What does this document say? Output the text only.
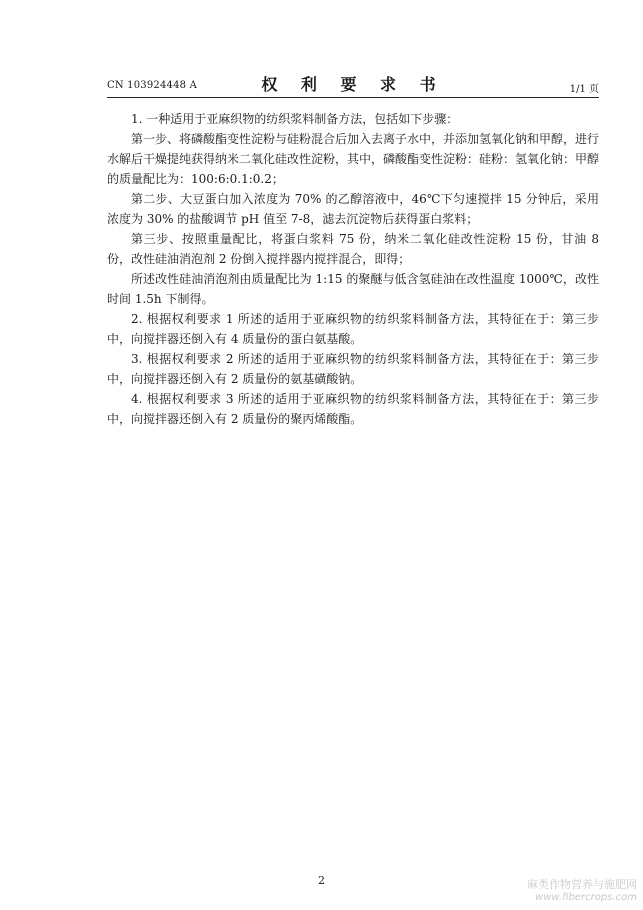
CN 103924448 A	权 利 要 求 书	1/1 页

1. 一种适用于亚麻织物的纺织浆料制备方法，包括如下步骤：

第一步、将磷酸酯变性淀粉与硅粉混合后加入去离子水中，并添加氢氧化钠和甲醇，进行水解后干燥提纯获得纳米二氧化硅改性淀粉，其中，磷酸酯变性淀粉：硅粉：氢氧化钠：甲醇的质量配比为：100:6:0.1:0.2；

第二步、大豆蛋白加入浓度为 70% 的乙醇溶液中，46℃下匀速搅拌 15 分钟后，采用浓度为 30% 的盐酸调节 pH 值至 7-8，滤去沉淀物后获得蛋白浆料；

第三步、按照重量配比，将蛋白浆料 75 份，纳米二氧化硅改性淀粉 15 份，甘油 8 份，改性硅油消泡剂 2 份倒入搅拌器内搅拌混合，即得；

所述改性硅油消泡剂由质量配比为 1:15 的聚醚与低含氢硅油在改性温度 1000℃，改性时间 1.5h 下制得。

2. 根据权利要求 1 所述的适用于亚麻织物的纺织浆料制备方法，其特征在于：第三步中，向搅拌器还倒入有 4 质量份的蛋白氨基酸。

3. 根据权利要求 2 所述的适用于亚麻织物的纺织浆料制备方法，其特征在于：第三步中，向搅拌器还倒入有 2 质量份的氨基磺酸钠。

4. 根据权利要求 3 所述的适用于亚麻织物的纺织浆料制备方法，其特征在于：第三步中，向搅拌器还倒入有 2 质量份的聚丙烯酸酯。

2	麻类作物营养与施肥网
www.fibercrops.com
